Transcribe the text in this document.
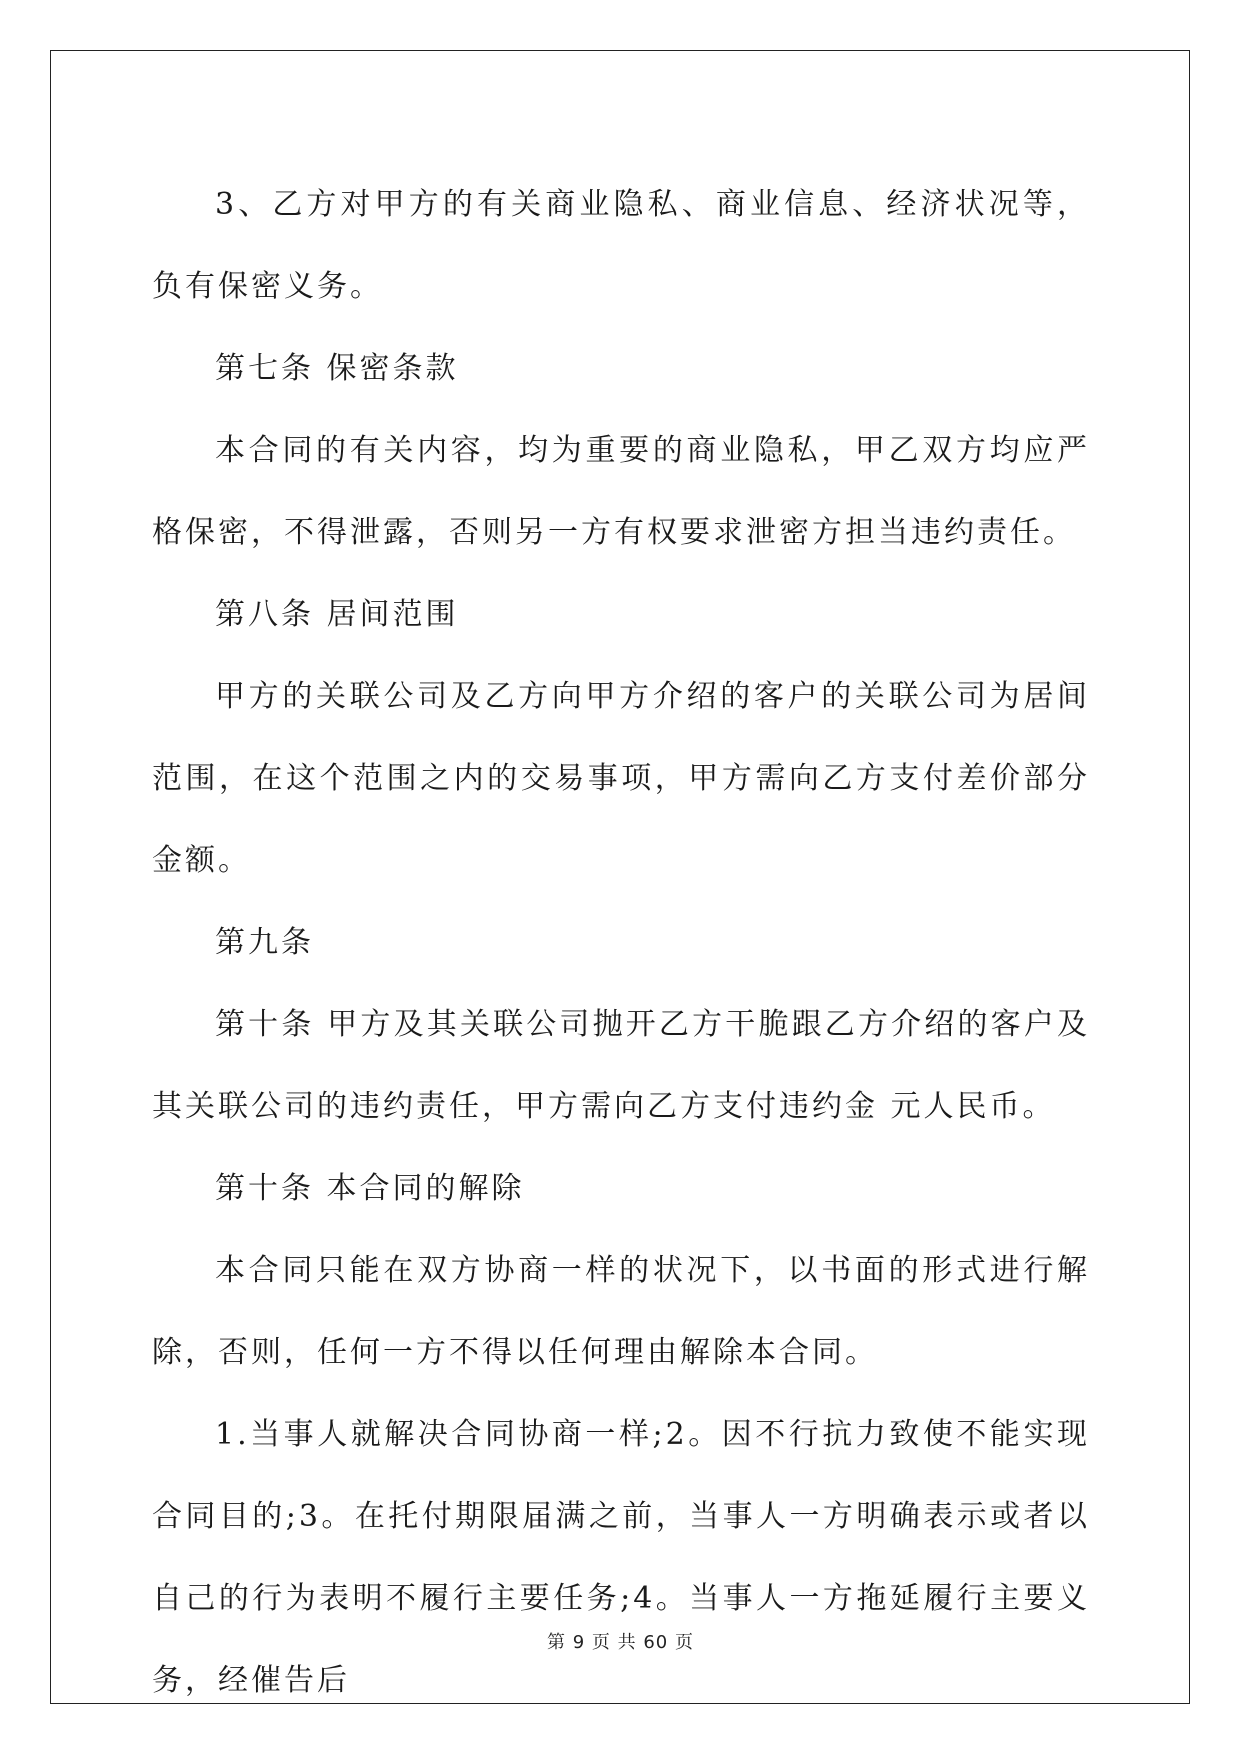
3、乙方对甲方的有关商业隐私、商业信息、经济状况等，负有保密义务。

第七条 保密条款

本合同的有关内容，均为重要的商业隐私，甲乙双方均应严格保密，不得泄露，否则另一方有权要求泄密方担当违约责任。

第八条 居间范围

甲方的关联公司及乙方向甲方介绍的客户的关联公司为居间范围，在这个范围之内的交易事项，甲方需向乙方支付差价部分金额。

第九条

第十条 甲方及其关联公司抛开乙方干脆跟乙方介绍的客户及其关联公司的违约责任，甲方需向乙方支付违约金 元人民币。

第十条 本合同的解除

本合同只能在双方协商一样的状况下，以书面的形式进行解除，否则，任何一方不得以任何理由解除本合同。

1.当事人就解决合同协商一样;2。因不行抗力致使不能实现合同目的;3。在托付期限届满之前，当事人一方明确表示或者以自己的行为表明不履行主要任务;4。当事人一方拖延履行主要义务，经催告后

第 9 页 共 60 页
